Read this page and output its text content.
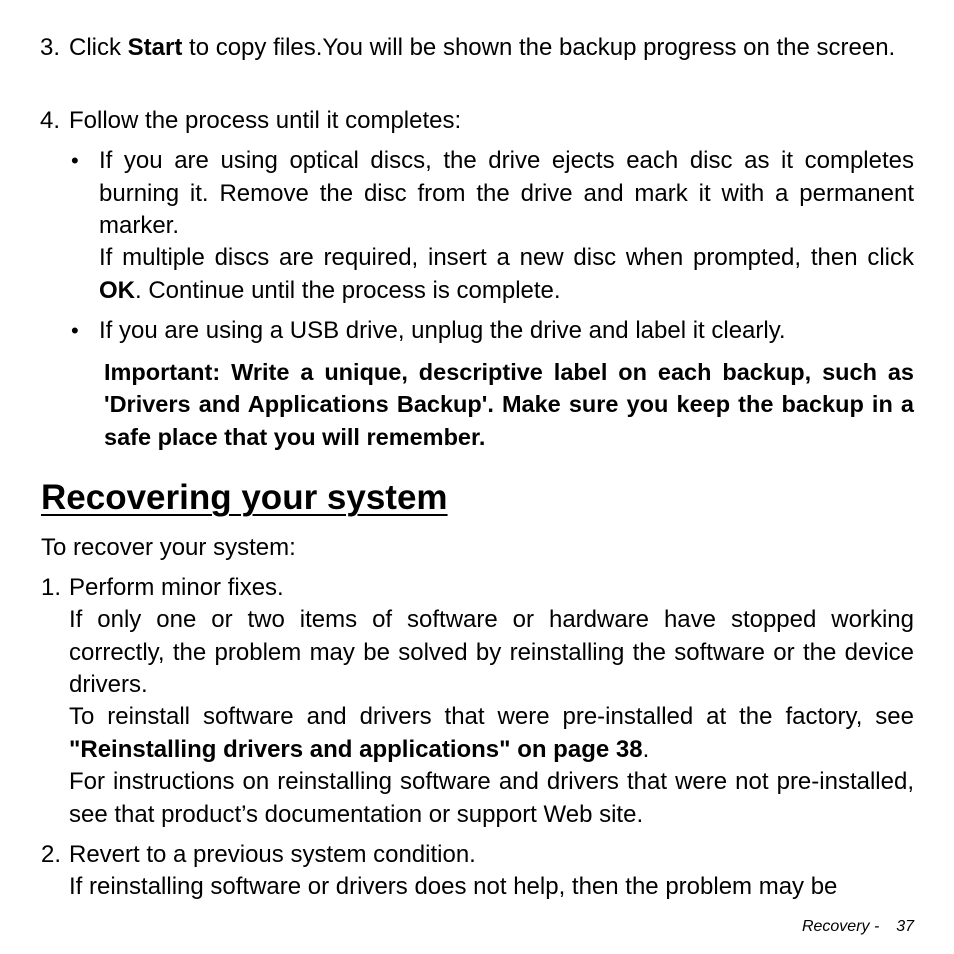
3. Click Start to copy files.You will be shown the backup progress on the screen.

4. Follow the process until it completes:

• If you are using optical discs, the drive ejects each disc as it completes burning it. Remove the disc from the drive and mark it with a permanent marker.

If multiple discs are required, insert a new disc when prompted, then click OK. Continue until the process is complete.

• If you are using a USB drive, unplug the drive and label it clearly.

Important: Write a unique, descriptive label on each backup, such as 'Drivers and Applications Backup'. Make sure you keep the backup in a safe place that you will remember.

Recovering your system

To recover your system:

1. Perform minor fixes.

If only one or two items of software or hardware have stopped working correctly, the problem may be solved by reinstalling the software or the device drivers.

To reinstall software and drivers that were pre-installed at the factory, see "Reinstalling drivers and applications" on page 38.

For instructions on reinstalling software and drivers that were not pre-installed, see that product’s documentation or support Web site.

2. Revert to a previous system condition.

If reinstalling software or drivers does not help, then the problem may be

Recovery - 37
